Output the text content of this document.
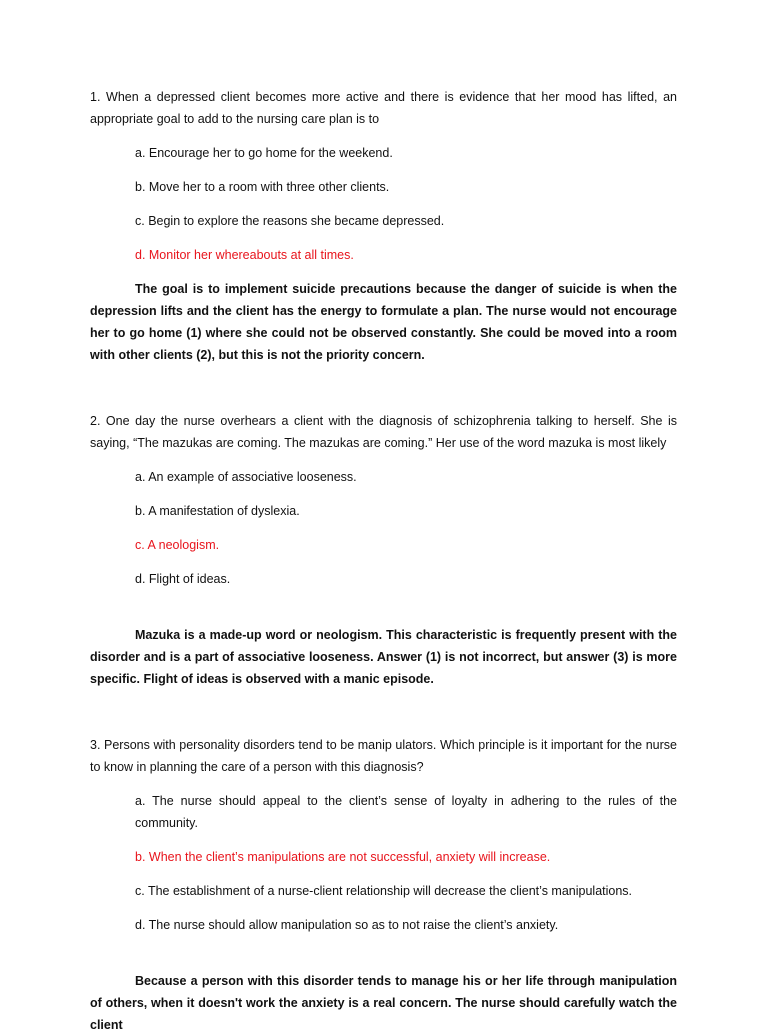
1. When a depressed client becomes more active and there is evidence that her mood has lifted, an appropriate goal to add to the nursing care plan is to

a. Encourage her to go home for the weekend.

b. Move her to a room with three other clients.

c. Begin to explore the reasons she became depressed.

d. Monitor her whereabouts at all times.

The goal is to implement suicide precautions because the danger of suicide is when the depression lifts and the client has the energy to formulate a plan. The nurse would not encourage her to go home (1) where she could not be observed constantly. She could be moved into a room with other clients (2), but this is not the priority concern.

2. One day the nurse overhears a client with the diagnosis of schizophrenia talking to herself. She is saying, “The mazukas are coming. The mazukas are coming.” Her use of the word mazuka is most likely

a. An example of associative looseness.

b. A manifestation of dyslexia.

c. A neologism.

d. Flight of ideas.

Mazuka is a made-up word or neologism. This characteristic is frequently present with the disorder and is a part of associative looseness. Answer (1) is not incorrect, but answer (3) is more specific. Flight of ideas is observed with a manic episode.

3. Persons with personality disorders tend to be manip ulators. Which principle is it important for the nurse to know in planning the care of a person with this diagnosis?

a. The nurse should appeal to the client’s sense of loyalty in adhering to the rules of the community.

b. When the client’s manipulations are not successful, anxiety will increase.

c. The establishment of a nurse-client relationship will decrease the client’s manipulations.

d. The nurse should allow manipulation so as to not raise the client’s anxiety.

Because a person with this disorder tends to manage his or her life through manipulation of others, when it doesn't work the anxiety is a real concern. The nurse should carefully watch the client
